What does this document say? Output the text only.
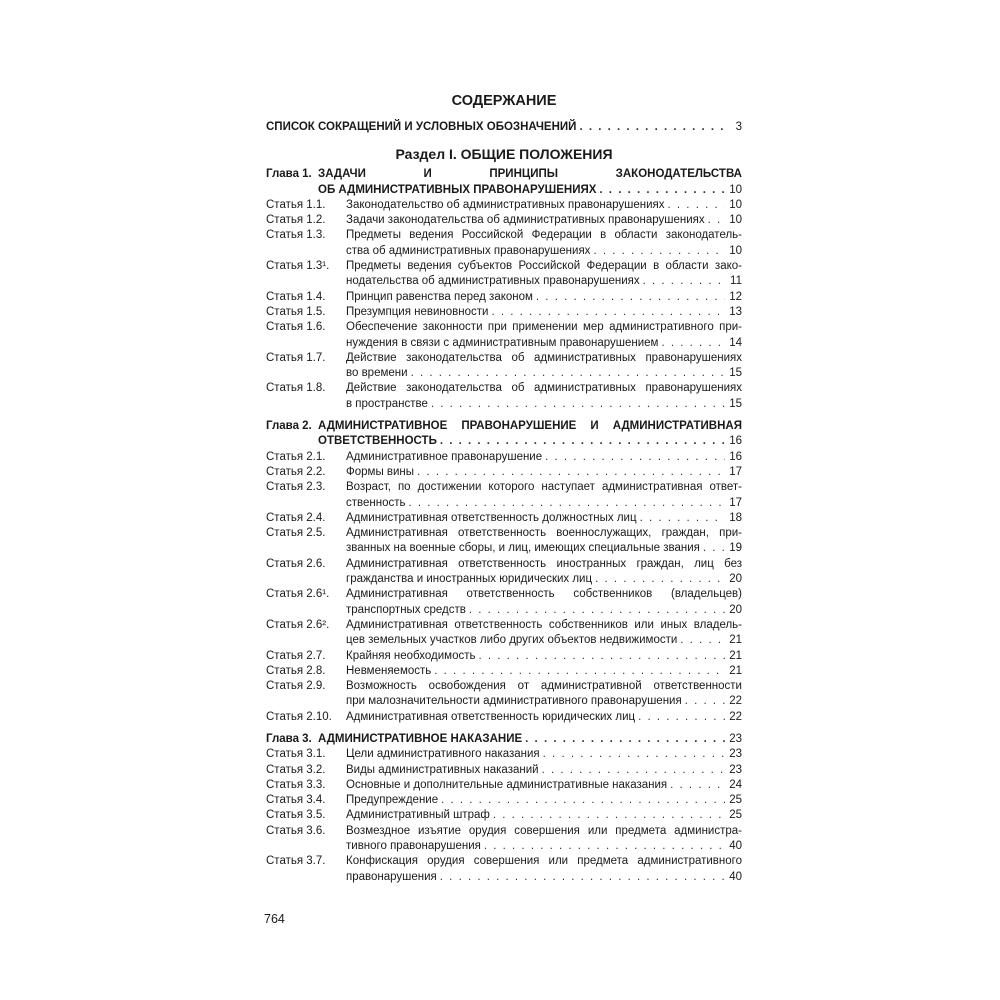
СОДЕРЖАНИЕ
СПИСОК СОКРАЩЕНИЙ И УСЛОВНЫХ ОБОЗНАЧЕНИЙ . . .	3
Раздел I. ОБЩИЕ ПОЛОЖЕНИЯ
Глава 1. ЗАДАЧИ И ПРИНЦИПЫ ЗАКОНОДАТЕЛЬСТВА
ОБ АДМИНИСТРАТИВНЫХ ПРАВОНАРУШЕНИЯХ . . .	10
Статья 1.1.	Законодательство об административных правонарушениях . . .	10
Статья 1.2.	Задачи законодательства об административных правонарушениях . . . 10
Статья 1.3.	Предметы ведения Российской Федерации в области законодатель-
ства об административных правонарушениях . . .	10
Статья 1.3¹.	Предметы ведения субъектов Российской Федерации в области зако-
нодательства об административных правонарушениях . . .	11
Статья 1.4.	Принцип равенства перед законом . . .	12
Статья 1.5.	Презумпция невиновности . . .	13
Статья 1.6.	Обеспечение законности при применении мер административного при-
нуждения в связи с административным правонарушением . . .	14
Статья 1.7.	Действие законодательства об административных правонарушениях
во времени . . .	15
Статья 1.8.	Действие законодательства об административных правонарушениях
в пространстве . . .	15
Глава 2. АДМИНИСТРАТИВНОЕ ПРАВОНАРУШЕНИЕ И АДМИНИСТРАТИВНАЯ
ОТВЕТСТВЕННОСТЬ . . .	16
Статья 2.1.	Административное правонарушение . . .	16
Статья 2.2.	Формы вины . . .	17
Статья 2.3.	Возраст, по достижении которого наступает административная ответ-
ственность . . .	17
Статья 2.4.	Административная ответственность должностных лиц . . .	18
Статья 2.5.	Административная ответственность военнослужащих, граждан, при-
званных на военные сборы, и лиц, имеющих специальные звания . . .	19
Статья 2.6.	Административная ответственность иностранных граждан, лиц без
гражданства и иностранных юридических лиц . . .	20
Статья 2.6¹.	Административная ответственность собственников (владельцев)
транспортных средств . . .	20
Статья 2.6².	Административная ответственность собственников или иных владель-
цев земельных участков либо других объектов недвижимости . . .	21
Статья 2.7.	Крайняя необходимость . . .	21
Статья 2.8.	Невменяемость . . .	21
Статья 2.9.	Возможность освобождения от административной ответственности
при малозначительности административного правонарушения . . .	22
Статья 2.10.	Административная ответственность юридических лиц . . .	22
Глава 3. АДМИНИСТРАТИВНОЕ НАКАЗАНИЕ . . .	23
Статья 3.1.	Цели административного наказания . . .	23
Статья 3.2.	Виды административных наказаний . . .	23
Статья 3.3.	Основные и дополнительные административные наказания . . .	24
Статья 3.4.	Предупреждение . . .	25
Статья 3.5.	Административный штраф . . .	25
Статья 3.6.	Возмездное изъятие орудия совершения или предмета администра-
тивного правонарушения . . .	40
Статья 3.7.	Конфискация орудия совершения или предмета административного
правонарушения . . .	40
764
